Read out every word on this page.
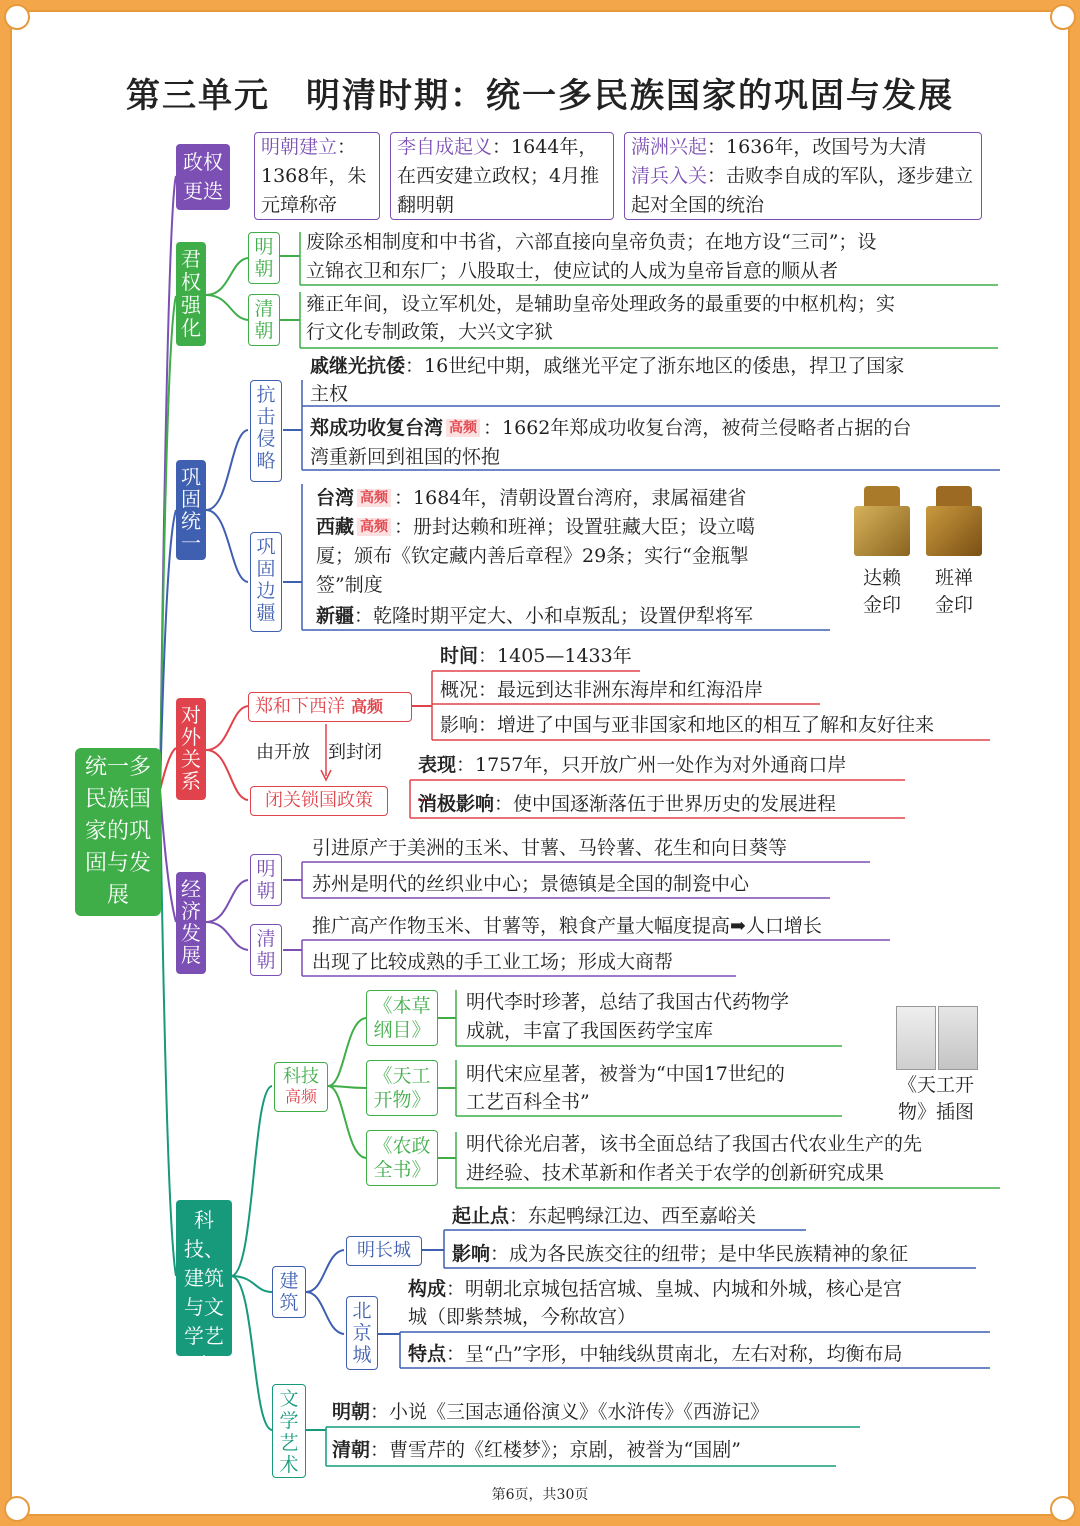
第三单元　明清时期：统一多民族国家的巩固与发展
统一多民族国家的巩固与发展
政权更迭
明朝建立：1368年，朱元璋称帝
李自成起义：1644年，在西安建立政权；4月推翻明朝
满洲兴起：1636年，改国号为大清
清兵入关：击败李自成的军队，逐步建立起对全国的统治
君权强化
明朝
清朝
废除丞相制度和中书省，六部直接向皇帝负责；在地方设“三司”；设
立锦衣卫和东厂；八股取士，使应试的人成为皇帝旨意的顺从者
雍正年间，设立军机处，是辅助皇帝处理政务的最重要的中枢机构；实
行文化专制政策，大兴文字狱
巩固统一
抗击侵略
巩固边疆
戚继光抗倭：16世纪中期，戚继光平定了浙东地区的倭患，捍卫了国家
主权
郑成功收复台湾 高频 ：1662年郑成功收复台湾，被荷兰侵略者占据的台
湾重新回到祖国的怀抱
台湾 高频 ：1684年，清朝设置台湾府，隶属福建省
西藏 高频 ：册封达赖和班禅；设置驻藏大臣；设立噶
厦；颁布《钦定藏内善后章程》29条；实行“金瓶掣
签”制度
新疆：乾隆时期平定大、小和卓叛乱；设置伊犁将军
达赖
金印
班禅
金印
对外关系
郑和下西洋 高频
时间：1405—1433年
概况：最远到达非洲东海岸和红海沿岸
影响：增进了中国与亚非国家和地区的相互了解和友好往来
由开放　到封闭
闭关锁国政策
表现：1757年，只开放广州一处作为对外通商口岸
消极影响：使中国逐渐落伍于世界历史的发展进程
经济发展
明朝
清朝
引进原产于美洲的玉米、甘薯、马铃薯、花生和向日葵等
苏州是明代的丝织业中心；景德镇是全国的制瓷中心
推广高产作物玉米、甘薯等，粮食产量大幅度提高➡人口增长
出现了比较成熟的手工业工场；形成大商帮
科技、建筑与文学艺术
科技
高频
《本草
纲目》
《天工
开物》
《农政
全书》
明代李时珍著，总结了我国古代药物学
成就，丰富了我国医药学宝库
明代宋应星著，被誉为“中国17世纪的
工艺百科全书”
明代徐光启著，该书全面总结了我国古代农业生产的先
进经验、技术革新和作者关于农学的创新研究成果
《天工开
物》插图
建筑
明长城
北京城
起止点：东起鸭绿江边、西至嘉峪关
影响：成为各民族交往的纽带；是中华民族精神的象征
构成：明朝北京城包括宫城、皇城、内城和外城，核心是宫
城（即紫禁城，今称故宫）
特点：呈“凸”字形，中轴线纵贯南北，左右对称，均衡布局
文学艺术
明朝：小说《三国志通俗演义》《水浒传》《西游记》
清朝：曹雪芹的《红楼梦》；京剧，被誉为“国剧”
第6页，共30页
